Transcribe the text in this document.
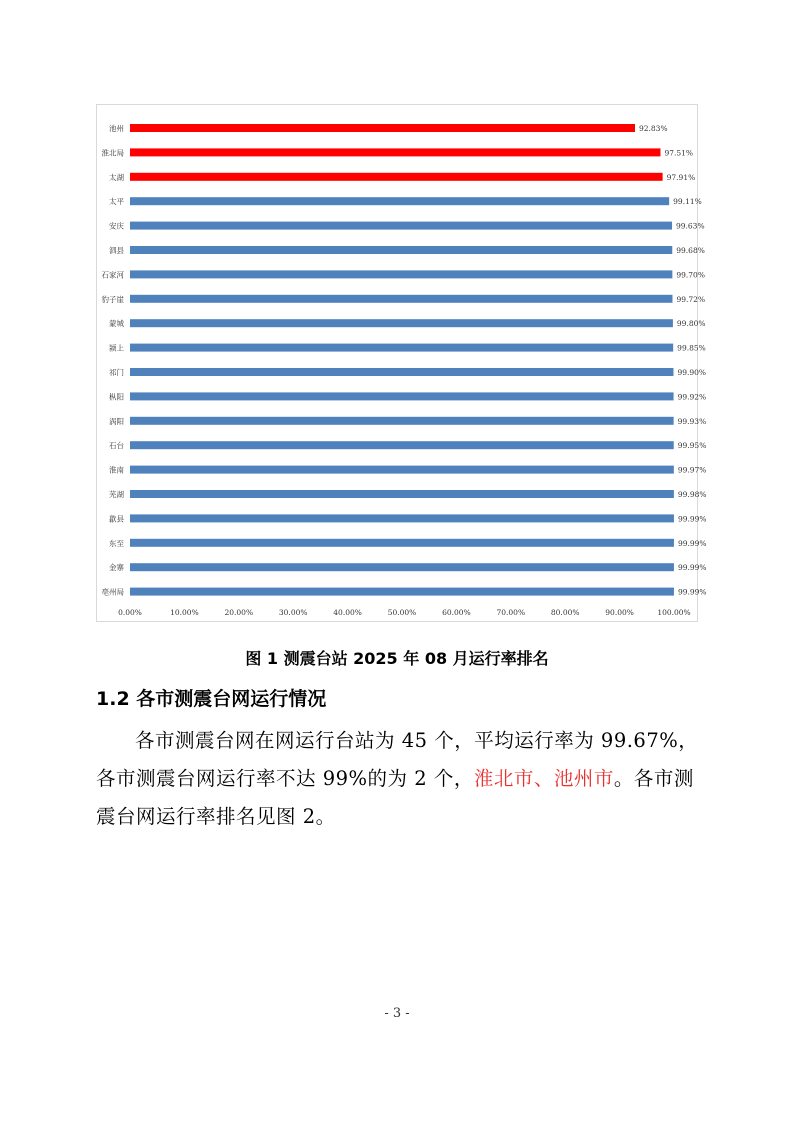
池州	92.83%
淮北局	97.51%
太湖	97.91%
太平	99.11%
安庆	99.63%
泗县	99.68%
石家河	99.70%
豹子崖	99.72%
蒙城	99.80%
颍上	99.85%
祁门	99.90%
枞阳	99.92%
涡阳	99.93%
石台	99.95%
淮南	99.97%
芜湖	99.98%
歙县	99.99%
东至	99.99%
金寨	99.99%
亳州局	99.99%
0.00%	10.00%	20.00%	30.00%	40.00%	50.00%	60.00%	70.00%	80.00%	90.00%	100.00%
图 1 测震台站 2025 年 08 月运行率排名
1.2 各市测震台网运行情况
各市测震台网在网运行台站为 45 个，平均运行率为 99.67%，各市测震台网运行率不达 99%的为 2 个，淮北市、池州市。各市测震台网运行率排名见图 2。
- 3 -
